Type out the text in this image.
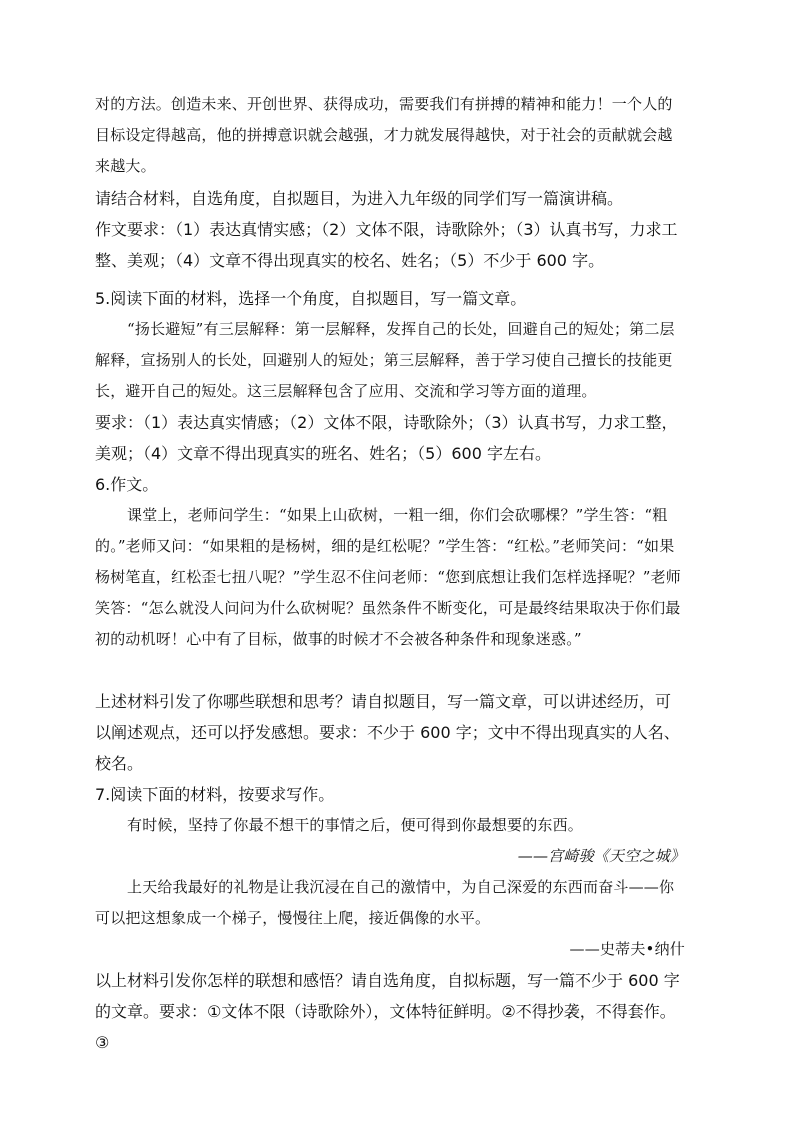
对的方法。创造未来、开创世界、获得成功，需要我们有拼搏的精神和能力！一个人的目标设定得越高，他的拼搏意识就会越强，才力就发展得越快，对于社会的贡献就会越来越大。

请结合材料，自选角度，自拟题目，为进入九年级的同学们写一篇演讲稿。

作文要求：（1）表达真情实感；（2）文体不限，诗歌除外；（3）认真书写，力求工整、美观；（4）文章不得出现真实的校名、姓名；（5）不少于 600 字。

5.阅读下面的材料，选择一个角度，自拟题目，写一篇文章。

“扬长避短”有三层解释：第一层解释，发挥自己的长处，回避自己的短处；第二层解释，宣扬别人的长处，回避别人的短处；第三层解释，善于学习使自己擅长的技能更长，避开自己的短处。这三层解释包含了应用、交流和学习等方面的道理。

要求：（1）表达真实情感；（2）文体不限，诗歌除外；（3）认真书写，力求工整，美观；（4）文章不得出现真实的班名、姓名；（5）600 字左右。

6.作文。

课堂上，老师问学生：“如果上山砍树，一粗一细，你们会砍哪棵？”学生答：“粗的。”老师又问：“如果粗的是杨树，细的是红松呢？”学生答：“红松。”老师笑问：“如果杨树笔直，红松歪七扭八呢？”学生忍不住问老师：“您到底想让我们怎样选择呢？”老师笑答：“怎么就没人问问为什么砍树呢？虽然条件不断变化，可是最终结果取决于你们最初的动机呀！心中有了目标，做事的时候才不会被各种条件和现象迷惑。”

上述材料引发了你哪些联想和思考？请自拟题目，写一篇文章，可以讲述经历，可以阐述观点，还可以抒发感想。要求：不少于 600 字；文中不得出现真实的人名、校名。

7.阅读下面的材料，按要求写作。

有时候，坚持了你最不想干的事情之后，便可得到你最想要的东西。

——宫崎骏《天空之城》

上天给我最好的礼物是让我沉浸在自己的激情中，为自己深爱的东西而奋斗——你可以把这想象成一个梯子，慢慢往上爬，接近偶像的水平。

——史蒂夫•纳什

以上材料引发你怎样的联想和感悟？请自选角度，自拟标题，写一篇不少于 600 字的文章。要求：①文体不限（诗歌除外），文体特征鲜明。②不得抄袭，不得套作。③
